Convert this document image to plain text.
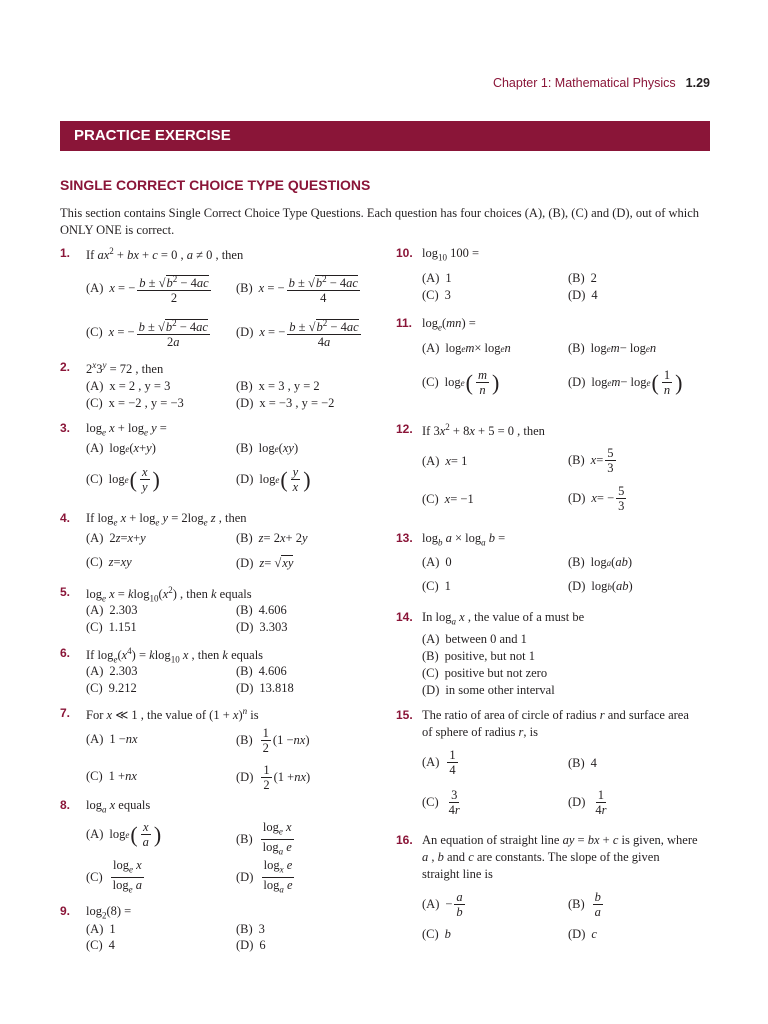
Chapter 1: Mathematical Physics 1.29
PRACTICE EXERCISE
SINGLE CORRECT CHOICE TYPE QUESTIONS
This section contains Single Correct Choice Type Questions. Each question has four choices (A), (B), (C) and (D), out of which ONLY ONE is correct.
1. If $ax^2$ + bx + c = 0 , a ≠ 0 , then
(A) x = − $\frac{b \pm √b^2 - 4ac}{2} (B) x$ = − $\frac{b \pm √b^2 - 4ac}{4}$
(C) x = − $\frac{b \pm √b^2 - 4ac}{2a} (D) x$ = − $\frac{b \pm √b^2 - 4ac}{4a}$
2. $2^x3^y = 72$ , then
(A) x = 2 , y = 3	(B) x = 3 , y = 2
(C) x = −2 , y = −3	(D) x = −3 , y = −2
3. $\log_e x + \log_e y$ =
(A) log e ( x + y )	(B) log e ( xy )
(C) log e ( $\frac{x}{y}$ )	(D) log e ( $\frac{y}{x}$ )
4. If $\log_e x + \log_e y = 2\log_e$ z , then
(A) 2 z = x + y	(B) z = 2 x + 2 y
(C) z = xy	(D) z = √ xy
5. $\log_e x = klog_{10}(x^2)$ , then k equals
(A) 2.303	(B) 4.606
(C) 1.151	(D) 3.303
6. If $\log_e(x^4) = klog_{10}$ x , then k equals
(A) 2.303	(B) 4.606
(C) 9.212	(D) 13.818
7. For x ≪ 1 , the value of $(1 + x)^n$ is
(A) 1 − nx	$(B) \frac{1}{2} (1$ − nx )
(C) 1 + nx	$(D) \frac{1}{2} (1$ + nx )
8. $\log_a x$ equals
(A) log e ( $\frac{x}{a}$ )	$(B) \frac{\log_e x}{\log_a e}$
$(C) \frac{\log_e x}{\log_e a}$	$(D) \frac{\log_x e}{\log_a e}$
9. $\log_2(8)$ =
(A) 1	(B) 3
(C) 4	(D) 6
10. $\log_{10} 100$ =
(A) 1	(B) 2
(C) 3	(D) 4
11. $\log_e(mn)$ =
(A) log e m × log e n	(B) log e m − log e n
(C) log e ( $\frac{m}{n}$ )	(D) log e m − log e ( $\frac{1}{n}$ )
12. If $3x^2 + 8x + 5 = 0$ , then
(A) x = 1	(B) $x = \frac{5}{3}$
(C) x = −1	(D) x = − $\frac{5}{3}$
13. $\log_b a \times \log_a b$ =
(A) 0	(B) log a ( ab )
(C) 1	(D) log b ( ab )
14. In $\log_a x$ , the value of a must be
(A) between 0 and 1
(B) positive, but not 1
(C) positive but not zero
(D) in some other interval
15. The ratio of area of circle of radius r and surface area
of sphere of radius r, is
$(A) \frac{1}{4}$	(B) 4
$(C) \frac{3}{4r}$	$(D) \frac{1}{4r}$
16. An equation of straight line ay = bx + c is given, where
a , b and c are constants. The slope of the given
straight line is
$(A) - \frac{a}{b}$	$(B) \frac{b}{a}$
(C) b	(D) c
